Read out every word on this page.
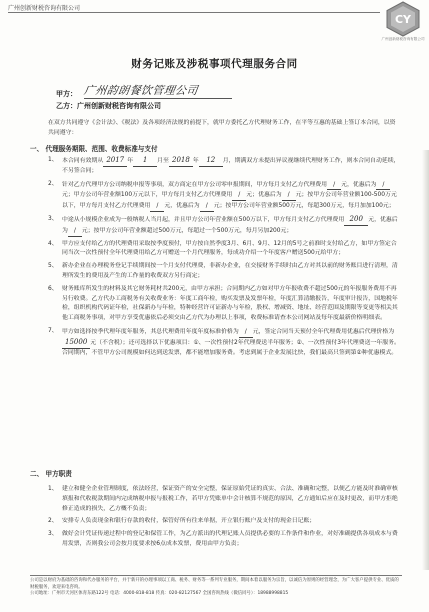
广州创新财税咨询有限公司
CY
广州创新财税咨询有限公司
财务记账及涉税事项代理服务合同
甲方： 广州韵朗餐饮管理公司
乙方：广州创新财税咨询有限公司
在双方共同遵守《会计法》、《税法》及各项经济法规的前提下，就甲方委托乙方代理财务工作，在平等互惠的基础上签订本合同，以资共同遵守：
一、 代理服务期限、范围、收费标准与支付
1、 本合同有效期从 2017 年 1 月至 2018 年 12 月，期满双方未提出异议视继续代理财务工作，则本合同自动延续，不另签合同；
2、 针对乙方代理甲方公司纳税申报等事项，双方商定在甲方公司零申报期间，甲方每月支付乙方代理费用 / 元，优惠后为 /元；甲方公司年营业额100万元以下，甲方每月支付乙方代理费用 / 元；优惠后为 / 元；按甲方公司年营业额100-500万元以下，甲方每月支付乙方代理费用 / 元，优惠后为 / 元；按甲方公司年营业额500万元，每超300万元，每月加加100元；
3、 中途从小规模企业成为一般纳税人当月起，并且甲方公司年营业额在500万以下，甲方每月支付乙方代理费用 200 元，优惠后为 / 元；按甲方公司年营业额超过500万元，每超过一个500万元，每月另加200元；
4、 甲方应支付给乙方的代理费用采取按季度预付，甲方按自然季度3月、6月、9月、12月的5号之前准时支付给乙方，如甲方签定合同当次一次性预付全年代理费用给乙方可赠送一个月代理服务，每成功介绍一个年度客户赠送500元给甲方；
5、 新办企业在办理税务登记手续期间按一个月支付代理费，非新办企业，在交接财务手续时由乙方对其以前的财务账目进行清理，清理所发生的费用及产生的工作量的收费双方另行商定；
6、 财务账库所发生的材料及其它财务耗材共200元，由甲方承担；合同期内乙方如对甲方年报收费不超过500元的年报服务费用不再另行收费。乙方代办工商税务有关收费业务：年度工商年检，购买发票及发票年检，年度汇算清缴报告，年度审计报告，国地税年检，组织机构代码证年检，社保新办与年检，特种经营许可证新办与年检，股权、增减资、地址、经营范围及期限等变更等相关其他工商税务事项，对甲方享受优惠依后必须交由乙方代为办理以上事项，收费标准请查本公司网站及每年度最新价格明细表。
7、 甲方如选择按季代理年度年服务，其总代理费用年度年度标准价格为 / 元，签定合同当天预付全年代理费用优惠后代理价格为15000 元（不含税）；还可选择以下优惠项目：①、一次性预付2年代理费送半年服务；②、一次性预付3年代理费送一年服务。合同期内，不管甲方公司规模如何达到送发票，都不能增加服务费。考虑到属于企业发展比快，我们最高只签到第②种优惠模式。
二、 甲方职责
1、 建立和健全企业管理制度，依法经营，保证资产的安全完整，保证原始凭证的真实、合法、准确和完整，以便乙方能及时准确审核填报和代收税款期间内完成纳税申报与报税工作，若甲方凭账单中会计核算不规范的原因，乙方通知后应在及时更改，而甲方拒绝修正造成的损失，乙方概不负责；
2、 安排专人负责现金和银行存款的收付，保管好所有往来单据，开立银行账户及支付的现金日记账；
3、 做好会计凭证传递过程中的登记和保管工作，为乙方派出的代理记账人员提供必要的工作条件和作业，对好准确提供各项成本与费用发票，否则我公司会按月度要求按6点成本发票，费用由甲方负责；

公司是以财府为基础的咨询和代办服务的平台，并于新开的办理事项以工商、税务、财务等一系列专业服务，期间本着以服务为宗旨，以诚信为原则的经营理念，为广大客户提供专业、优质的财税服务，欢迎来电咨询。

公司地址：广州市天河区体育东路122号 电话：4000-818-818 传真：020-82127567 全国咨询热线（微信同号）：18988998815
